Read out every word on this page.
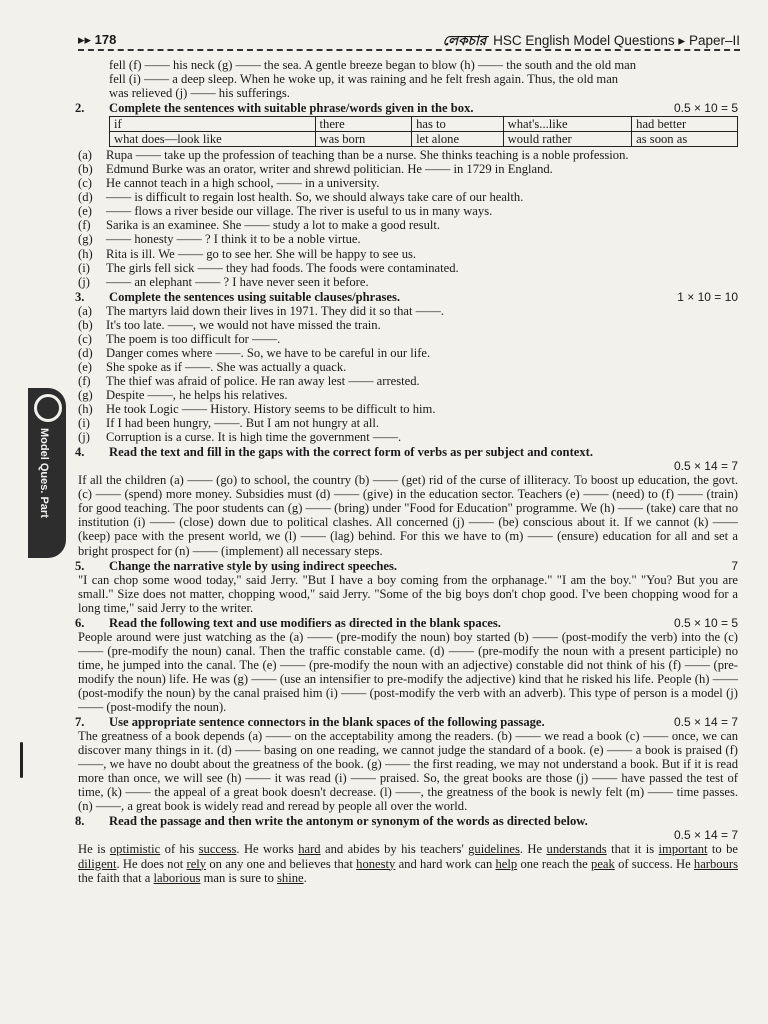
▸▸ 178	লেকচার HSC English Model Questions ▸ Paper–II
Model Ques. Part

fell (f) —— his neck (g) —— the sea. A gentle breeze began to blow (h) —— the south and the old man

fell (i) —— a deep sleep. When he woke up, it was raining and he felt fresh again. Thus, the old man

was relieved (j) —— his sufferings.

2. Complete the sentences with suitable phrase/words given in the box.	0.5 × 10 = 5
if	there	has to	what's...like	had better
what does—look like	was born	let alone	would rather	as soon as
(a)	Rupa —— take up the profession of teaching than be a nurse. She thinks teaching is a noble profession.
(b)	Edmund Burke was an orator, writer and shrewd politician. He —— in 1729 in England.
(c)	He cannot teach in a high school, —— in a university.
(d)	—— is difficult to regain lost health. So, we should always take care of our health.
(e)	—— flows a river beside our village. The river is useful to us in many ways.
(f)	Sarika is an examinee. She —— study a lot to make a good result.
(g)	—— honesty —— ? I think it to be a noble virtue.
(h)	Rita is ill. We —— go to see her. She will be happy to see us.
(i)	The girls fell sick —— they had foods. The foods were contaminated.
(j)	—— an elephant —— ? I have never seen it before.
3. Complete the sentences using suitable clauses/phrases.	1 × 10 = 10
(a)	The martyrs laid down their lives in 1971. They did it so that ——.
(b)	It's too late. ——, we would not have missed the train.
(c)	The poem is too difficult for ——.
(d)	Danger comes where ——. So, we have to be careful in our life.
(e)	She spoke as if ——. She was actually a quack.
(f)	The thief was afraid of police. He ran away lest —— arrested.
(g)	Despite ——, he helps his relatives.
(h)	He took Logic —— History. History seems to be difficult to him.
(i)	If I had been hungry, ——. But I am not hungry at all.
(j)	Corruption is a curse. It is high time the government ——.
4. Read the text and fill in the gaps with the correct form of verbs as per subject and context.
0.5 × 14 = 7

If all the children (a) —— (go) to school, the country (b) —— (get) rid of the curse of illiteracy. To boost up education, the govt. (c) —— (spend) more money. Subsidies must (d) —— (give) in the education sector. Teachers (e) —— (need) to (f) —— (train) for good teaching. The poor students can (g) —— (bring) under "Food for Education" programme. We (h) —— (take) care that no institution (i) —— (close) down due to political clashes. All concerned (j) —— (be) conscious about it. If we cannot (k) —— (keep) pace with the present world, we (l) —— (lag) behind. For this we have to (m) —— (ensure) education for all and set a bright prospect for (n) —— (implement) all necessary steps.

5. Change the narrative style by using indirect speeches.	7

"I can chop some wood today," said Jerry. "But I have a boy coming from the orphanage." "I am the boy." "You? But you are small." Size does not matter, chopping wood," said Jerry. "Some of the big boys don't chop good. I've been chopping wood for a long time," said Jerry to the writer.

6. Read the following text and use modifiers as directed in the blank spaces.	0.5 × 10 = 5

People around were just watching as the (a) —— (pre-modify the noun) boy started (b) —— (post-modify the verb) into the (c) —— (pre-modify the noun) canal. Then the traffic constable came. (d) —— (pre-modify the noun with a present participle) no time, he jumped into the canal. The (e) —— (pre-modify the noun with an adjective) constable did not think of his (f) —— (pre-modify the noun) life. He was (g) —— (use an intensifier to pre-modify the adjective) kind that he risked his life. People (h) —— (post-modify the noun) by the canal praised him (i) —— (post-modify the verb with an adverb). This type of person is a model (j) —— (post-modify the noun).

7. Use appropriate sentence connectors in the blank spaces of the following passage.	0.5 × 14 = 7

The greatness of a book depends (a) —— on the acceptability among the readers. (b) —— we read a book (c) —— once, we can discover many things in it. (d) —— basing on one reading, we cannot judge the standard of a book. (e) —— a book is praised (f) ——, we have no doubt about the greatness of the book. (g) —— the first reading, we may not understand a book. But if it is read more than once, we will see (h) —— it was read (i) —— praised. So, the great books are those (j) —— have passed the test of time, (k) —— the appeal of a great book doesn't decrease. (l) ——, the greatness of the book is newly felt (m) —— time passes. (n) ——, a great book is widely read and reread by people all over the world.

8. Read the passage and then write the antonym or synonym of the words as directed below.
0.5 × 14 = 7

He is optimistic of his success. He works hard and abides by his teachers' guidelines. He understands that it is important to be diligent. He does not rely on any one and believes that honesty and hard work can help one reach the peak of success. He harbours the faith that a laborious man is sure to shine.
